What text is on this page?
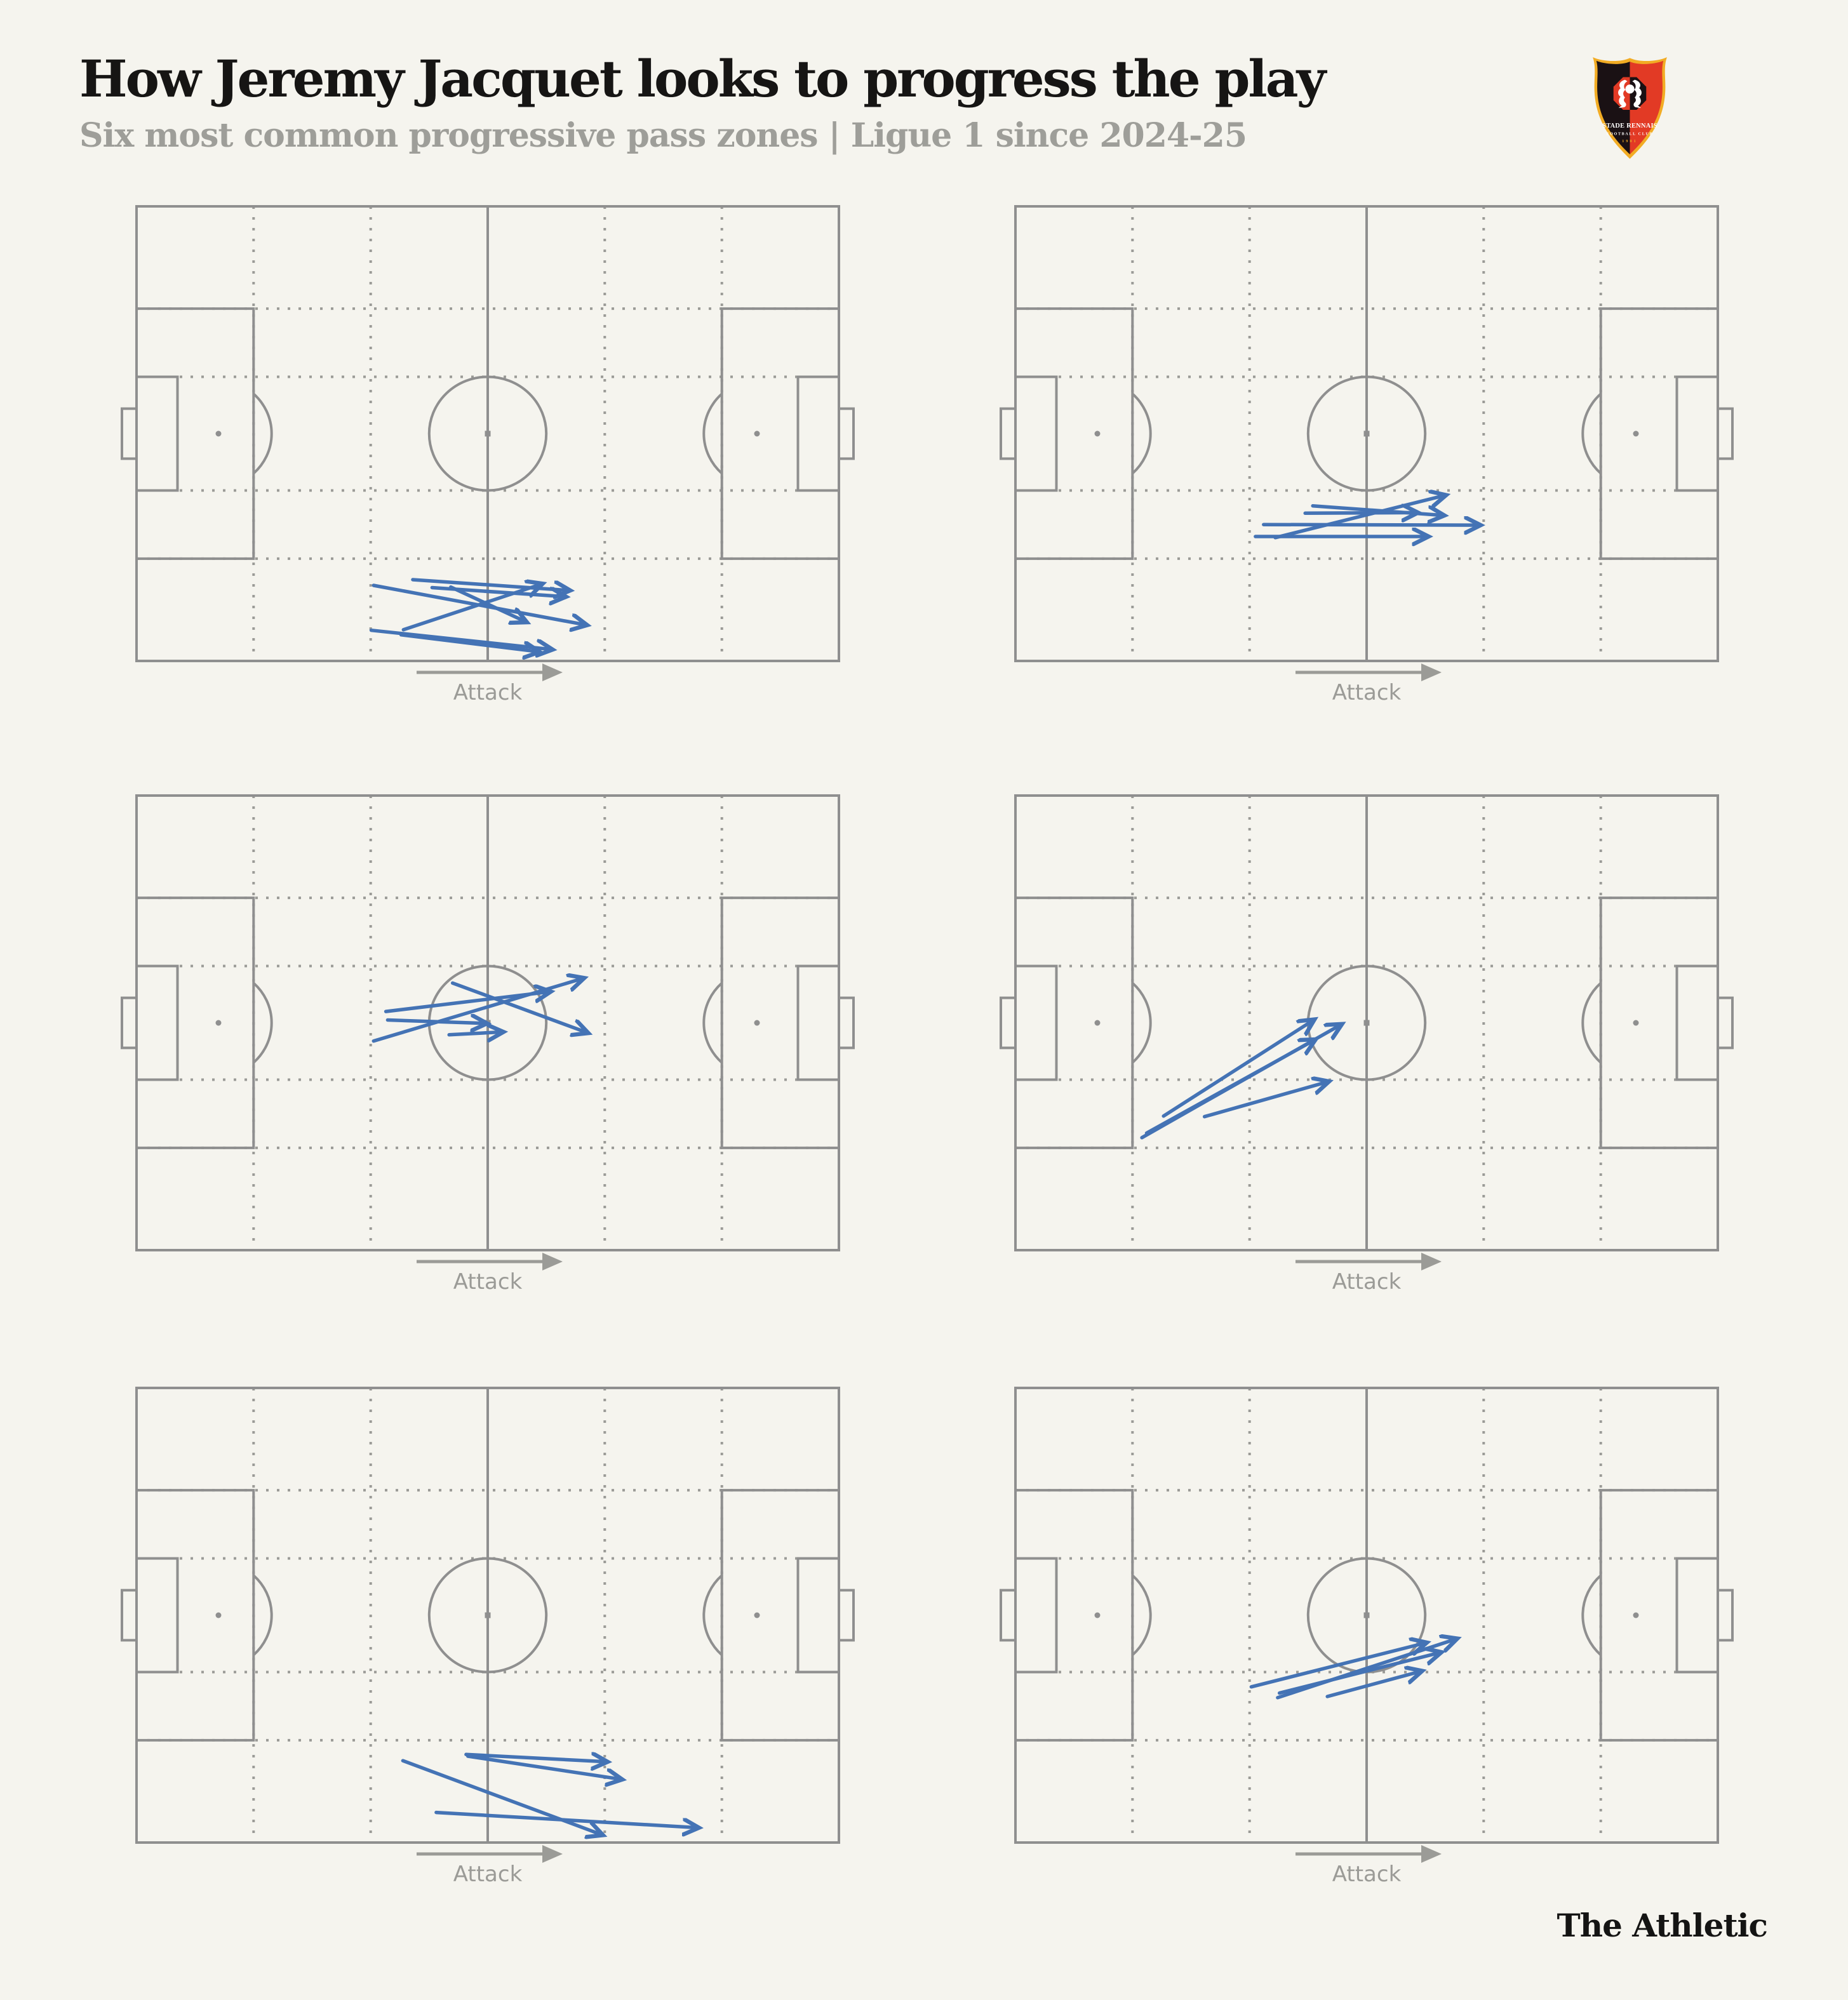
How Jeremy Jacquet looks to progress the play

Six most common progressive pass zones | Ligue 1 since 2024-25	STADE RENNAIS
FOOTBALL CLUB
1901
Attack	Attack
Attack	Attack
Attack	Attack

The Athletic
